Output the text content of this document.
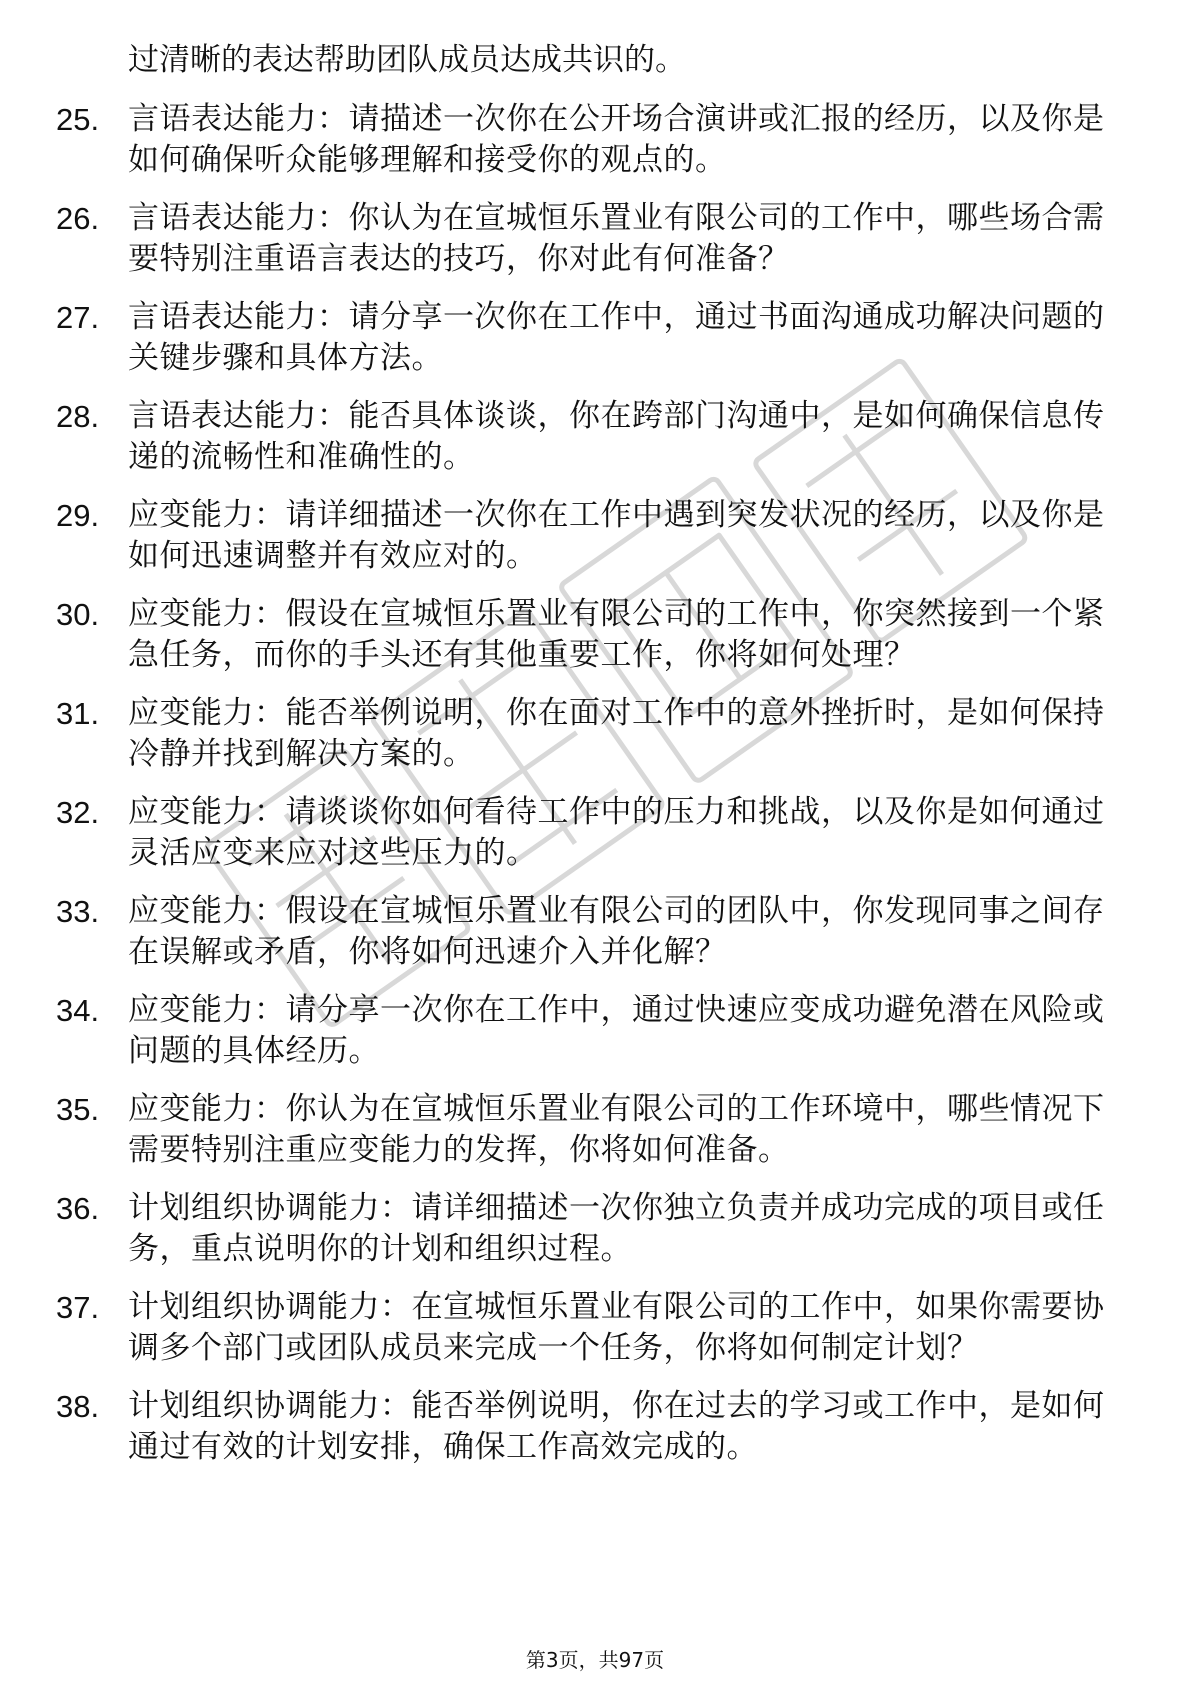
过清晰的表达帮助团队成员达成共识的。
25. 言语表达能力：请描述一次你在公开场合演讲或汇报的经历，以及你是如何确保听众能够理解和接受你的观点的。
26. 言语表达能力：你认为在宣城恒乐置业有限公司的工作中，哪些场合需要特别注重语言表达的技巧，你对此有何准备？
27. 言语表达能力：请分享一次你在工作中，通过书面沟通成功解决问题的关键步骤和具体方法。
28. 言语表达能力：能否具体谈谈，你在跨部门沟通中，是如何确保信息传递的流畅性和准确性的。
29. 应变能力：请详细描述一次你在工作中遇到突发状况的经历，以及你是如何迅速调整并有效应对的。
30. 应变能力：假设在宣城恒乐置业有限公司的工作中，你突然接到一个紧急任务，而你的手头还有其他重要工作，你将如何处理？
31. 应变能力：能否举例说明，你在面对工作中的意外挫折时，是如何保持冷静并找到解决方案的。
32. 应变能力：请谈谈你如何看待工作中的压力和挑战，以及你是如何通过灵活应变来应对这些压力的。
33. 应变能力：假设在宣城恒乐置业有限公司的团队中，你发现同事之间存在误解或矛盾，你将如何迅速介入并化解？
34. 应变能力：请分享一次你在工作中，通过快速应变成功避免潜在风险或问题的具体经历。
35. 应变能力：你认为在宣城恒乐置业有限公司的工作环境中，哪些情况下需要特别注重应变能力的发挥，你将如何准备。
36. 计划组织协调能力：请详细描述一次你独立负责并成功完成的项目或任务，重点说明你的计划和组织过程。
37. 计划组织协调能力：在宣城恒乐置业有限公司的工作中，如果你需要协调多个部门或团队成员来完成一个任务，你将如何制定计划？
38. 计划组织协调能力：能否举例说明，你在过去的学习或工作中，是如何通过有效的计划安排，确保工作高效完成的。
第3页，共97页
